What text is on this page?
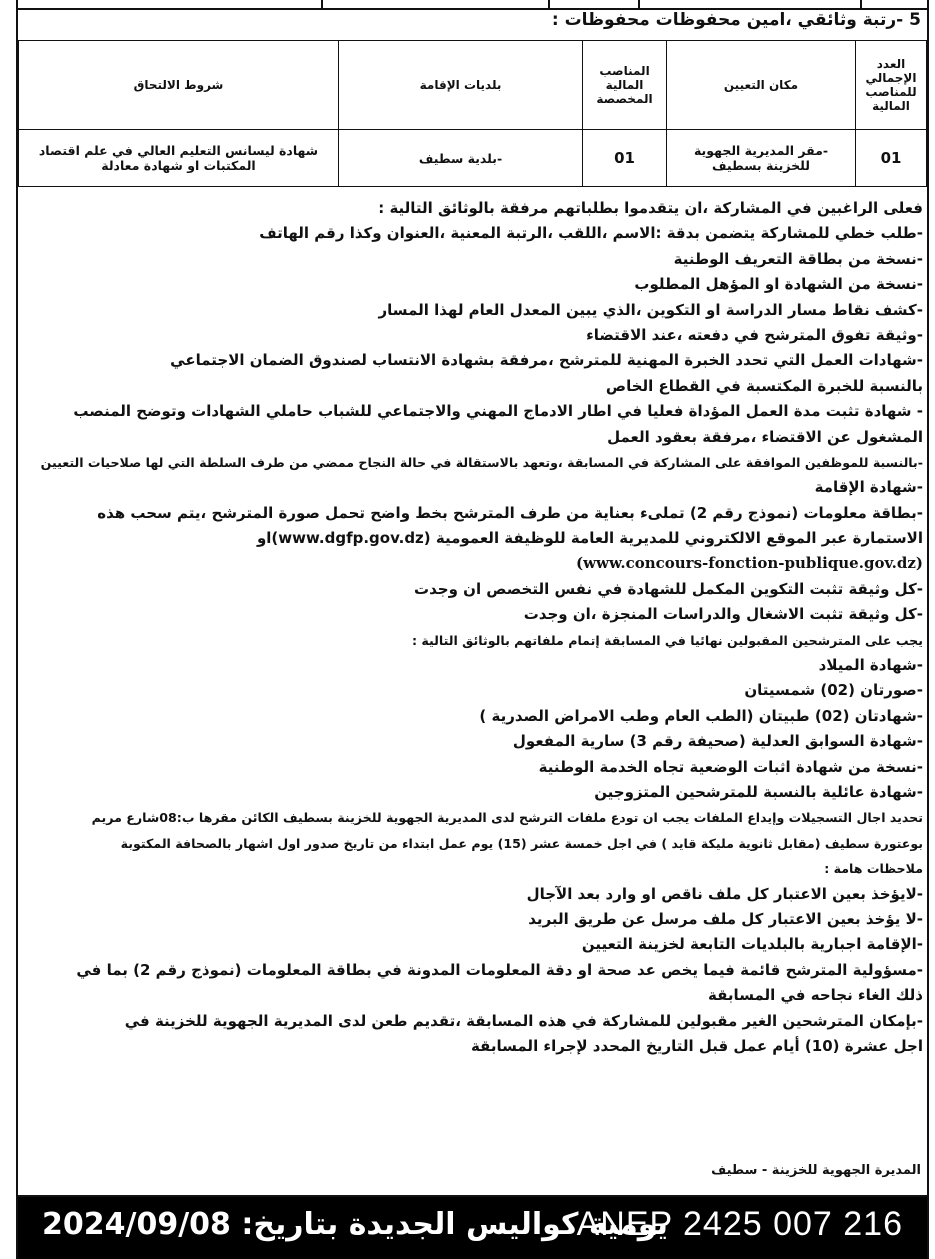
5 -رتبة وثائقي ،امين محفوظات محفوظات :
العدد الإجمالي للمناصب المالية	مكان التعيين	المناصب المالية المخصصة	بلديات الإقامة	شروط الالتحاق
01	-مقر المديرية الجهوية للخزينة بسطيف	01	-بلدية سطيف	شهادة ليسانس التعليم العالي في علم اقتصاد المكتبات او شهادة معادلة
فعلى الراغبين في المشاركة ،ان يتقدموا بطلباتهم مرفقة بالوثائق التالية :
-طلب خطي للمشاركة يتضمن بدقة :الاسم ،اللقب ،الرتبة المعنية ،العنوان وكذا رقم الهاتف
-نسخة من بطاقة التعريف الوطنية
-نسخة من الشهادة او المؤهل المطلوب
-كشف نقاط مسار الدراسة او التكوين ،الذي يبين المعدل العام لهذا المسار
-وثيقة تفوق المترشح في دفعته ،عند الاقتضاء
-شهادات العمل التي تحدد الخبرة المهنية للمترشح ،مرفقة بشهادة الانتساب لصندوق الضمان الاجتماعي
بالنسبة للخبرة المكتسبة في القطاع الخاص
- شهادة تثبت مدة العمل المؤداة فعليا في اطار الادماج المهني والاجتماعي للشباب حاملي الشهادات وتوضح المنصب
المشغول عن الاقتضاء ،مرفقة بعقود العمل
-بالنسبة للموظفين الموافقة على المشاركة في المسابقة ،وتعهد بالاستقالة في حالة النجاح ممضي من طرف السلطة التي لها صلاحيات التعيين
-شهادة الإقامة
-بطاقة معلومات (نموذج رقم 2) تملىء بعناية من طرف المترشح بخط واضح تحمل صورة المترشح ،يتم سحب هذه
الاستمارة عبر الموقع الالكتروني للمديرية العامة للوظيفة العمومية (www.dgfp.gov.dz)او
(www.concours-fonction-publique.gov.dz)
-كل وثيقة تثبت التكوين المكمل للشهادة في نفس التخصص ان وجدت
-كل وثيقة تثبت الاشغال والدراسات المنجزة ،ان وجدت
يجب على المترشحين المقبولين نهائيا في المسابقة إتمام ملفاتهم بالوثائق التالية :
-شهادة الميلاد
-صورتان (02) شمسيتان
-شهادتان (02) طبيتان (الطب العام وطب الامراض الصدرية )
-شهادة السوابق العدلية (صحيفة رقم 3) سارية المفعول
-نسخة من شهادة اثبات الوضعية تجاه الخدمة الوطنية
-شهادة عائلية بالنسبة للمترشحين المتزوجين
تحديد اجال التسجيلات وإيداع الملفات يجب ان تودع ملفات الترشح لدى المديرية الجهوية للخزينة بسطيف الكائن مقرها ب:08شارع مريم
بوعتورة سطيف (مقابل ثانوية مليكة قايد ) في اجل خمسة عشر (15) يوم عمل ابتداء من تاريخ صدور اول اشهار بالصحافة المكتوبة
ملاحظات هامة :
-لايؤخذ بعين الاعتبار كل ملف ناقص او وارد بعد الآجال
-لا يؤخذ بعين الاعتبار كل ملف مرسل عن طريق البريد
-الإقامة اجبارية بالبلديات التابعة لخزينة التعيين
-مسؤولية المترشح قائمة فيما يخص عد صحة او دقة المعلومات المدونة في بطاقة المعلومات (نموذج رقم 2) بما في
ذلك الغاء نجاحه في المسابقة
-بإمكان المترشحين الغير مقبولين للمشاركة في هذه المسابقة ،تقديم طعن لدى المديرية الجهوية للخزينة في
اجل عشرة (10) أيام عمل قبل التاريخ المحدد لإجراء المسابقة
المديرة الجهوية للخزينة - سطيف
ANEP 2425 007 216
يومية كواليس الجديدة بتاريخ: 2024/09/08
